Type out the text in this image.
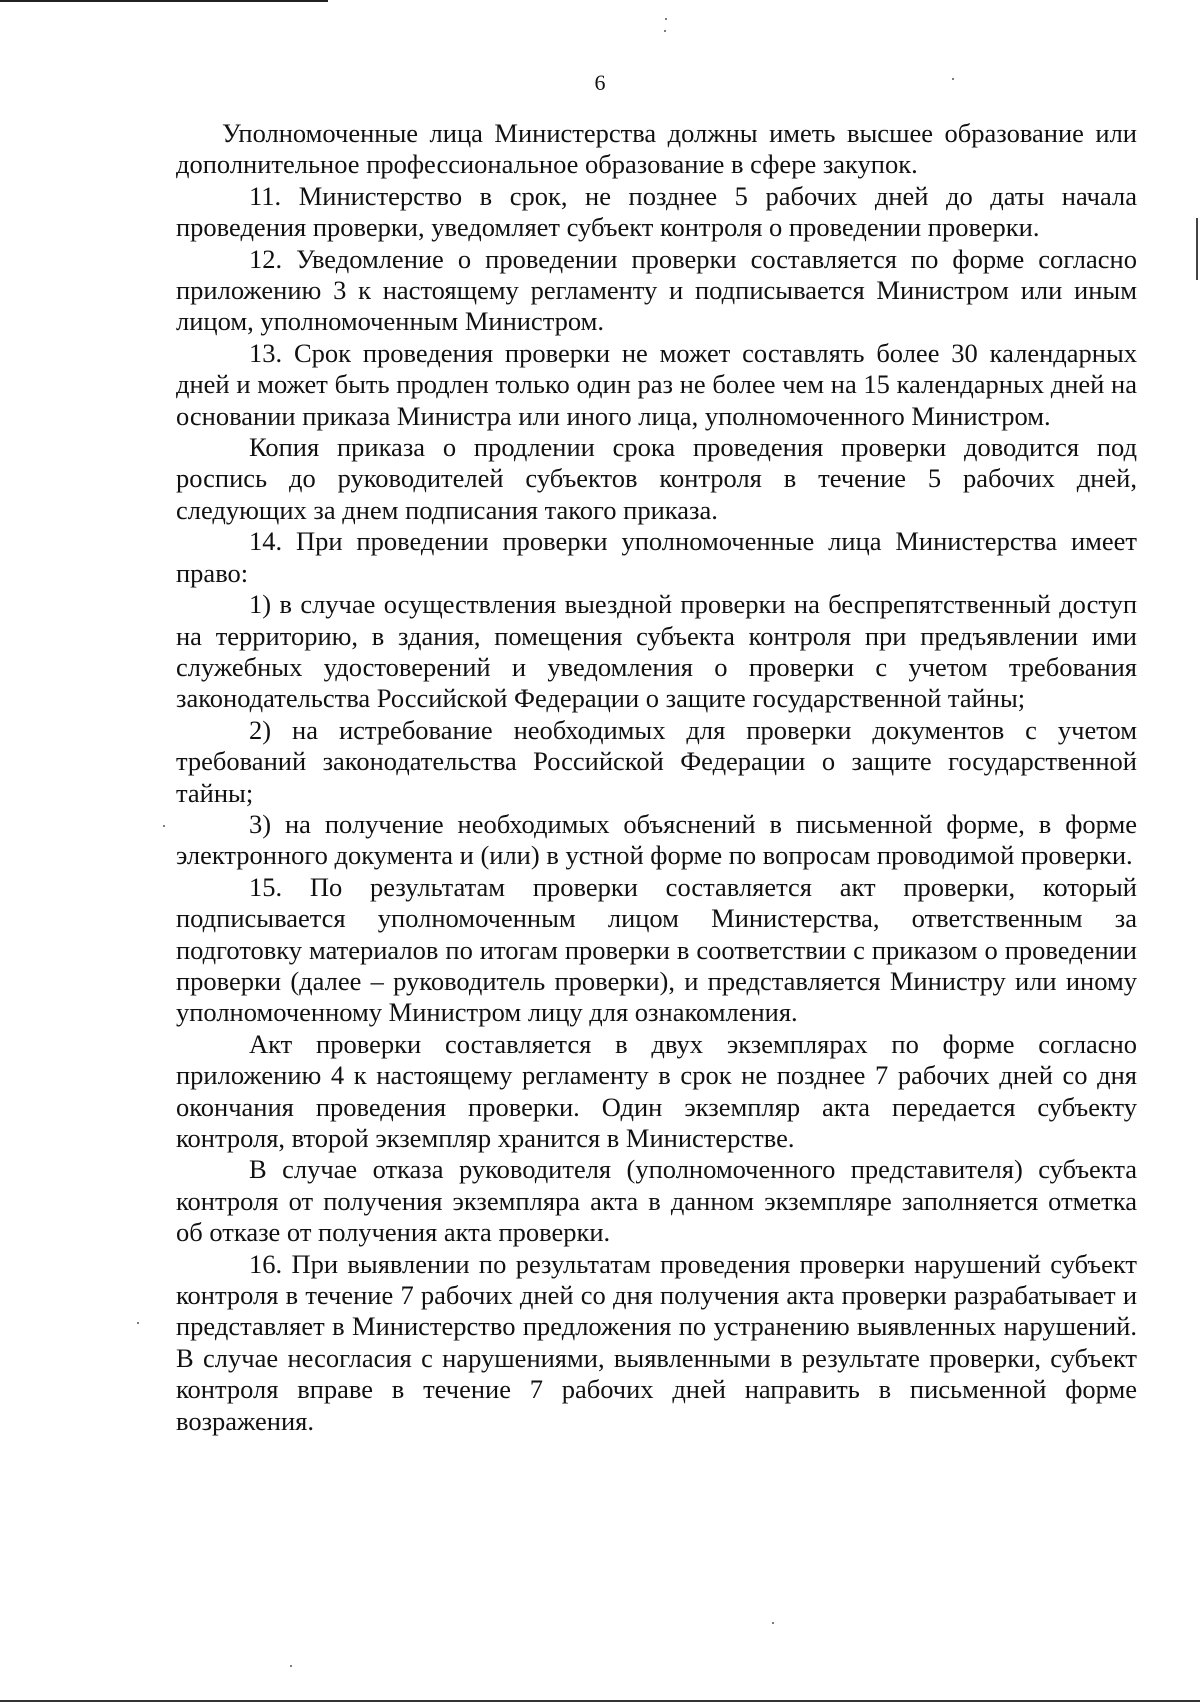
6

Уполномоченные лица Министерства должны иметь высшее образование или дополнительное профессиональное образование в сфере закупок.

11. Министерство в срок, не позднее 5 рабочих дней до даты начала проведения проверки, уведомляет субъект контроля о проведении проверки.

12. Уведомление о проведении проверки составляется по форме согласно приложению 3 к настоящему регламенту и подписывается Министром или иным лицом, уполномоченным Министром.

13. Срок проведения проверки не может составлять более 30 календарных дней и может быть продлен только один раз не более чем на 15 календарных дней на основании приказа Министра или иного лица, уполномоченного Министром.

Копия приказа о продлении срока проведения проверки доводится под роспись до руководителей субъектов контроля в течение 5 рабочих дней, следующих за днем подписания такого приказа.

14. При проведении проверки уполномоченные лица Министерства имеет право:

1) в случае осуществления выездной проверки на беспрепятственный доступ на территорию, в здания, помещения субъекта контроля при предъявлении ими служебных удостоверений и уведомления о проверки с учетом требования законодательства Российской Федерации о защите государственной тайны;

2) на истребование необходимых для проверки документов с учетом требований законодательства Российской Федерации о защите государственной тайны;

3) на получение необходимых объяснений в письменной форме, в форме электронного документа и (или) в устной форме по вопросам проводимой проверки.

15. По результатам проверки составляется акт проверки, который подписывается уполномоченным лицом Министерства, ответственным за подготовку материалов по итогам проверки в соответствии с приказом о проведении проверки (далее – руководитель проверки), и представляется Министру или иному уполномоченному Министром лицу для ознакомления.

Акт проверки составляется в двух экземплярах по форме согласно приложению 4 к настоящему регламенту в срок не позднее 7 рабочих дней со дня окончания проведения проверки. Один экземпляр акта передается субъекту контроля, второй экземпляр хранится в Министерстве.

В случае отказа руководителя (уполномоченного представителя) субъекта контроля от получения экземпляра акта в данном экземпляре заполняется отметка об отказе от получения акта проверки.

16. При выявлении по результатам проведения проверки нарушений субъект контроля в течение 7 рабочих дней со дня получения акта проверки разрабатывает и представляет в Министерство предложения по устранению выявленных нарушений. В случае несогласия с нарушениями, выявленными в результате проверки, субъект контроля вправе в течение 7 рабочих дней направить в письменной форме возражения.
